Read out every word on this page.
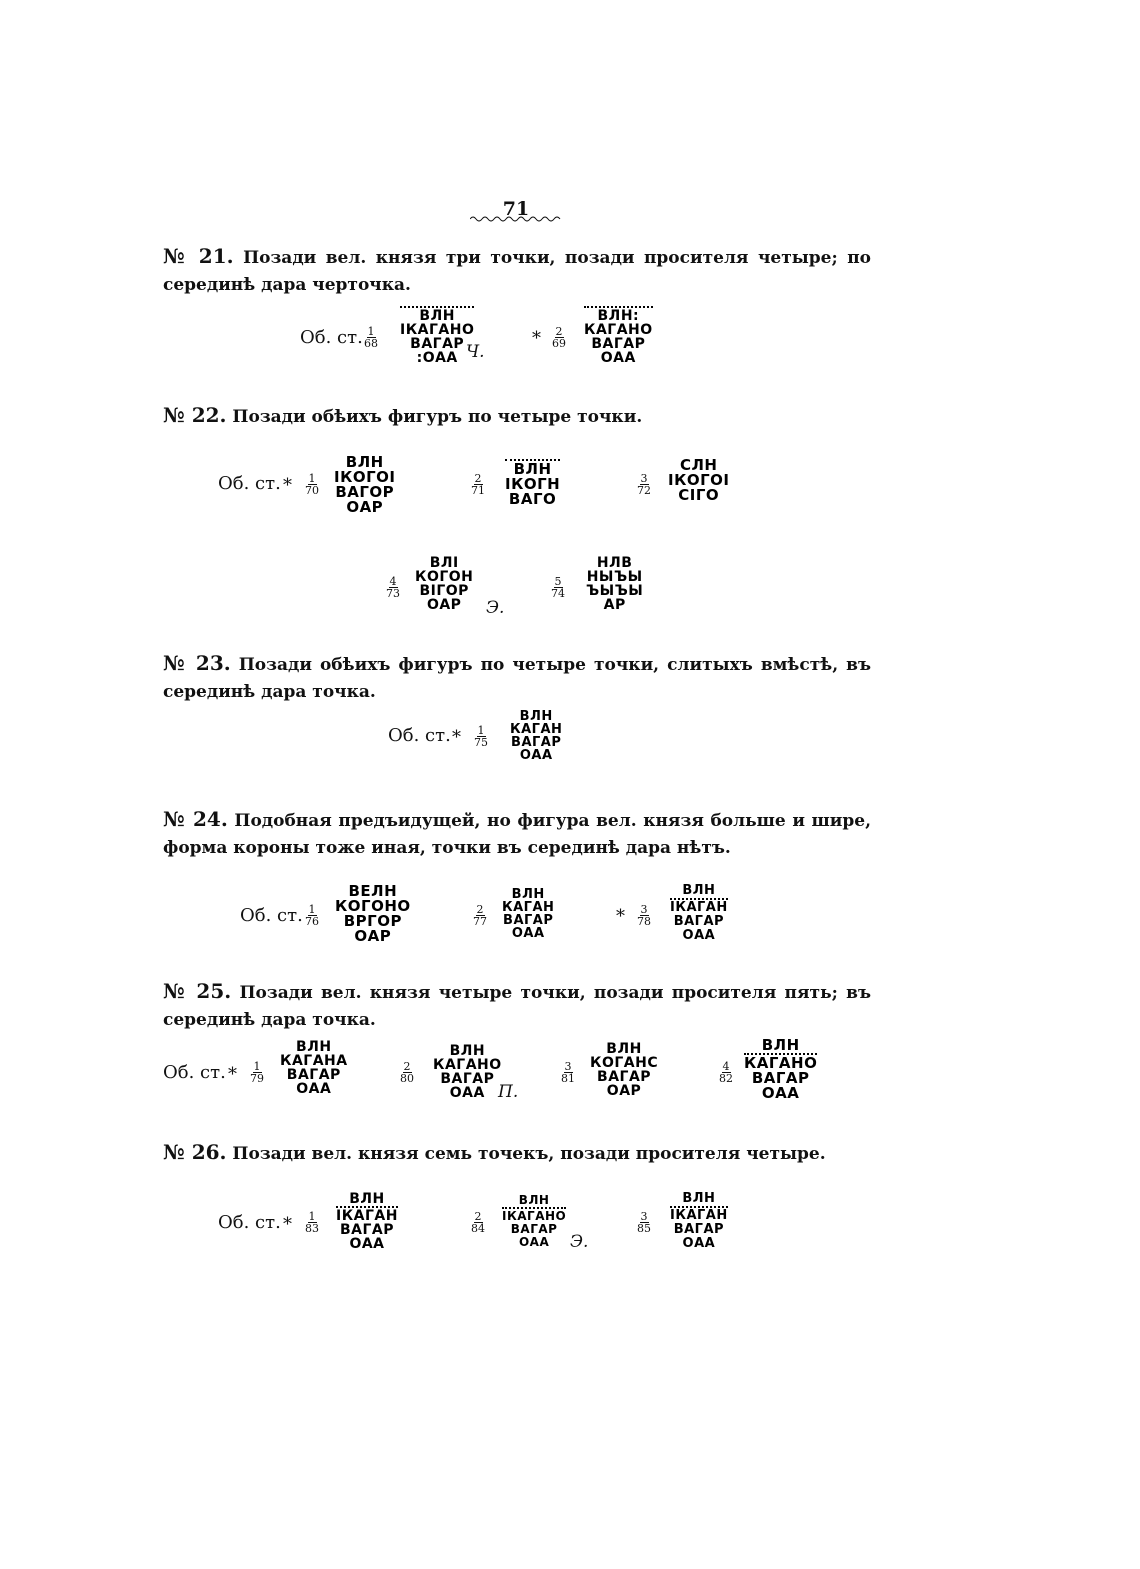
71
№ 21. Позади вел. князя три точки, позади просителя четыре; по серединѣ дара черточка.
Об. ст. $\frac{1}{68}$
ВЛН
ІКАГАНО
ВАГАР
:ОАА Ч.
* $\frac{2}{69}$
ВЛН:
КАГАНО
ВАГАР
ОАА
№ 22. Позади обѣихъ фигуръ по четыре точки.
Об. ст. * $\frac{1}{70}$
ВЛН
ІКОГОІ
ВАГОР
ОАР
$\frac{2}{71}$
ВЛН
ІКОГН
ВАГО
$\frac{3}{72}$
СЛН
ІКОГОІ
СІГО
$\frac{4}{73}$
ВЛІ
КОГОН
ВІГОР
ОАР	Э.
$\frac{5}{74}$
НЛВ
НЫЪЫ
ЪЫЪЫ
АР
№ 23. Позади обѣихъ фигуръ по четыре точки, слитыхъ вмѣстѣ, въ серединѣ дара точка.
Об. ст. * $\frac{1}{75}$
ВЛН
КАГАН
ВАГАР
ОАА
№ 24. Подобная предъидущей, но фигура вел. князя больше и шире, форма короны тоже иная, точки въ серединѣ дара нѣтъ.
Об. ст. $\frac{1}{76}$
ВЕЛН
КОГОНО
ВРГОР
ОАР
$\frac{2}{77}$
ВЛН
КАГАН
ВАГАР
ОАА
* $\frac{3}{78}$
ВЛН
ІКАГАН
ВАГАР
ОАА
№ 25. Позади вел. князя четыре точки, позади просителя пять; въ серединѣ дара точка.
Об. ст. * $\frac{1}{79}$
ВЛН
КАГАНА
ВАГАР
ОАА
$\frac{2}{80}$
ВЛН
КАГАНО
ВАГАР
ОАА П.
$\frac{3}{81}$
ВЛН
КОГАНС
ВАГАР
ОАР
$\frac{4}{82}$
ВЛН
КАГАНО
ВАГАР
ОАА
№ 26. Позади вел. князя семь точекъ, позади просителя четыре.
Об. ст. * $\frac{1}{83}$
ВЛН
ІКАГАН
ВАГАР
ОАА
$\frac{2}{84}$
ВЛН
ІКАГАНО
ВАГАР
ОАА	Э.
$\frac{3}{85}$
ВЛН
ІКАГАН
ВАГАР
ОАА
